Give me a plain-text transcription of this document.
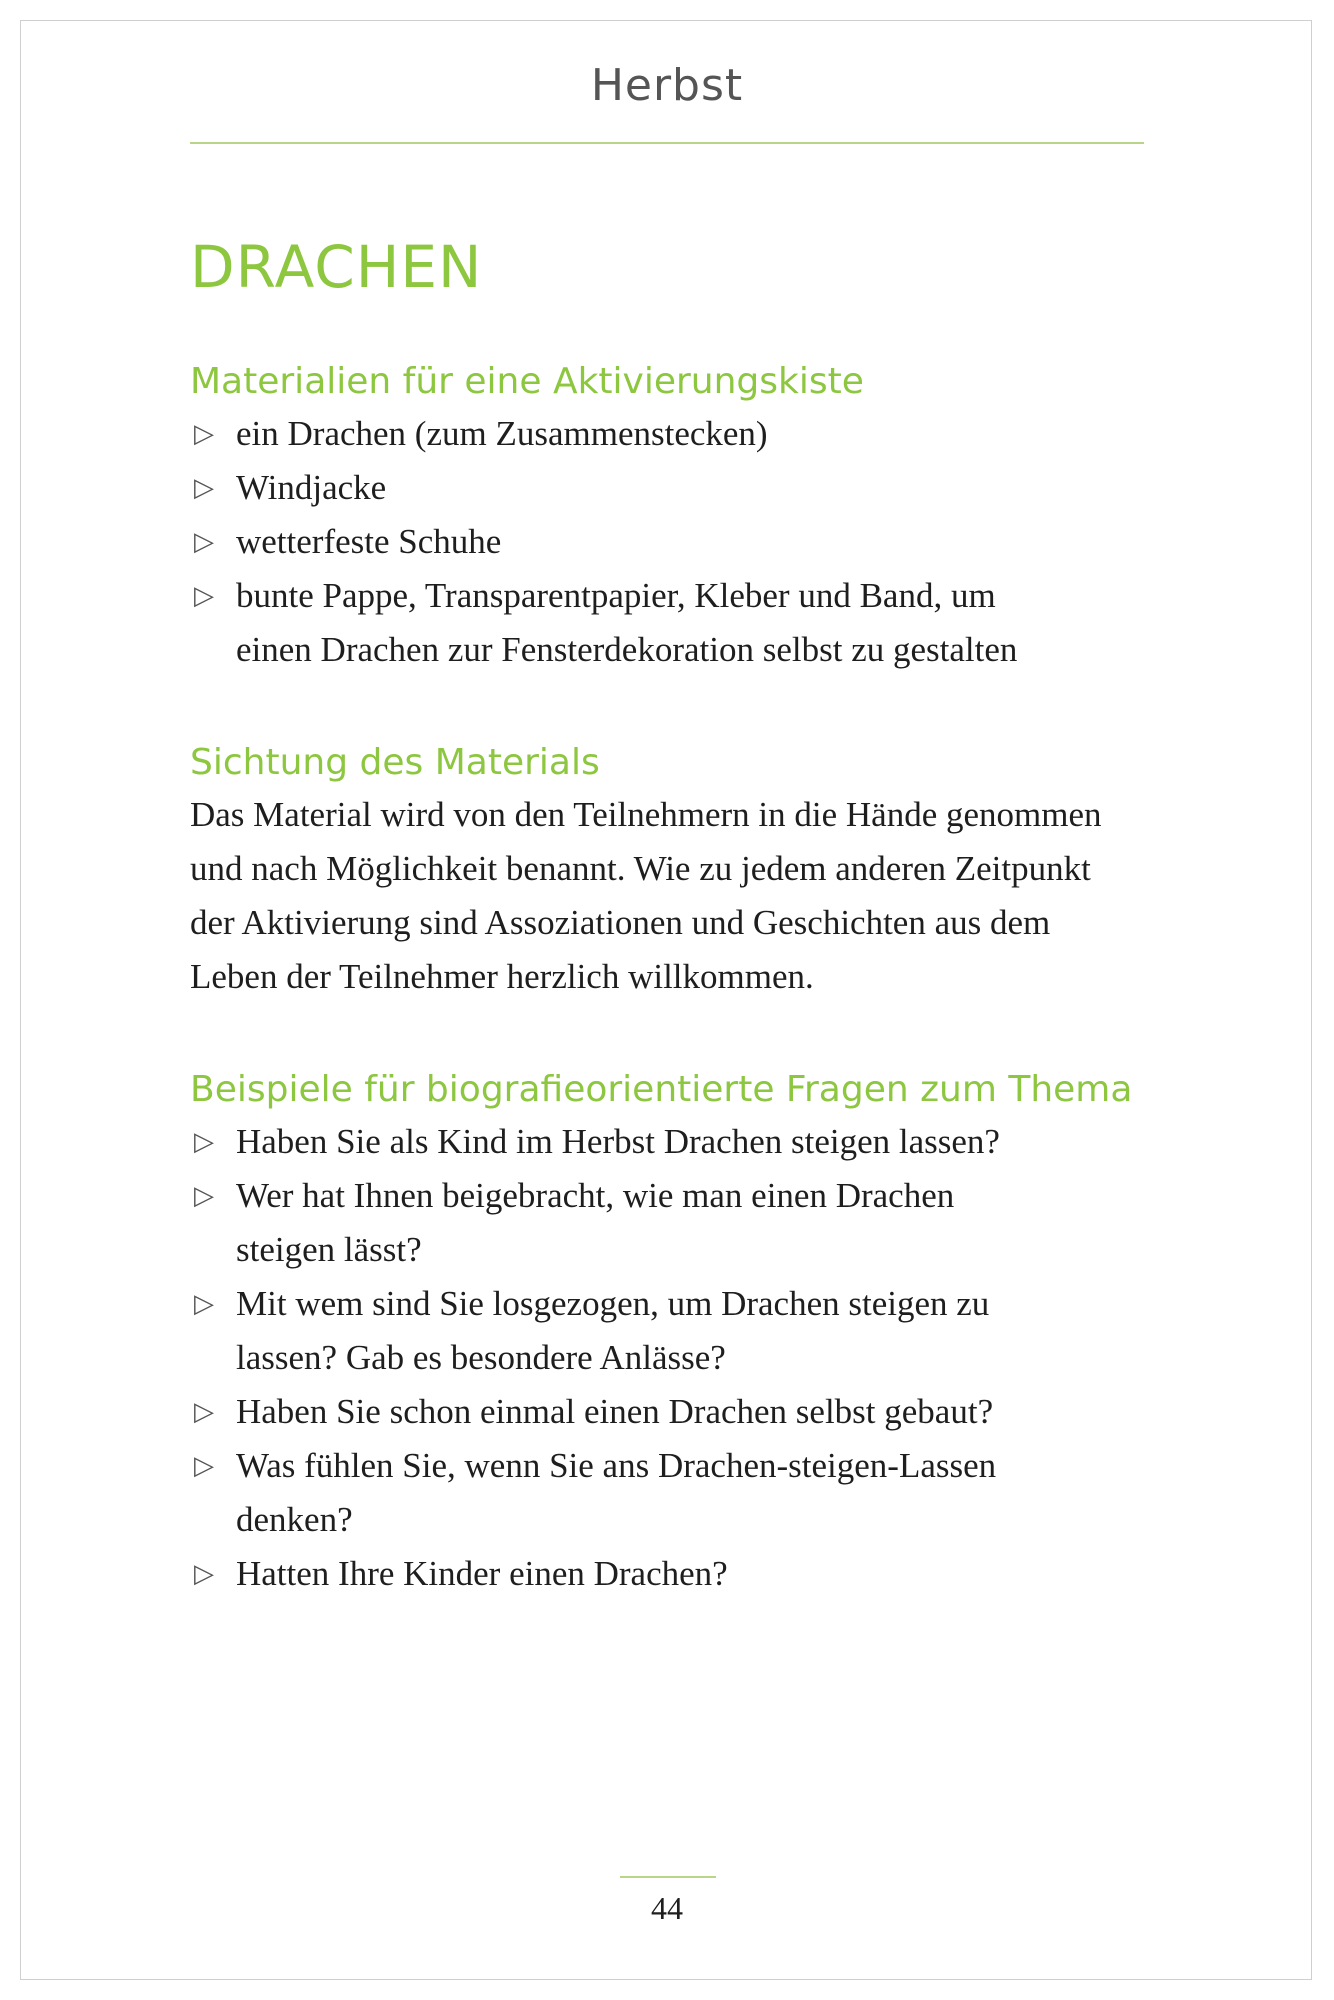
Herbst
DRACHEN
Materialien für eine Aktivierungskiste
▷ ein Drachen (zum Zusammenstecken)
▷ Windjacke
▷ wetterfeste Schuhe
▷ bunte Pappe, Transparentpapier, Kleber und Band, um einen Drachen zur Fensterdekoration selbst zu gestalten
Sichtung des Materials

Das Material wird von den Teilnehmern in die Hände genommen und nach Möglichkeit benannt. Wie zu jedem anderen Zeitpunkt der Aktivierung sind Assoziationen und Geschichten aus dem Leben der Teilnehmer herzlich willkommen.

Beispiele für biografieorientierte Fragen zum Thema
▷ Haben Sie als Kind im Herbst Drachen steigen lassen?
▷ Wer hat Ihnen beigebracht, wie man einen Drachen steigen lässt?
▷ Mit wem sind Sie losgezogen, um Drachen steigen zu lassen? Gab es besondere Anlässe?
▷ Haben Sie schon einmal einen Drachen selbst gebaut?
▷ Was fühlen Sie, wenn Sie ans Drachen-steigen-Lassen denken?
▷ Hatten Ihre Kinder einen Drachen?
44
